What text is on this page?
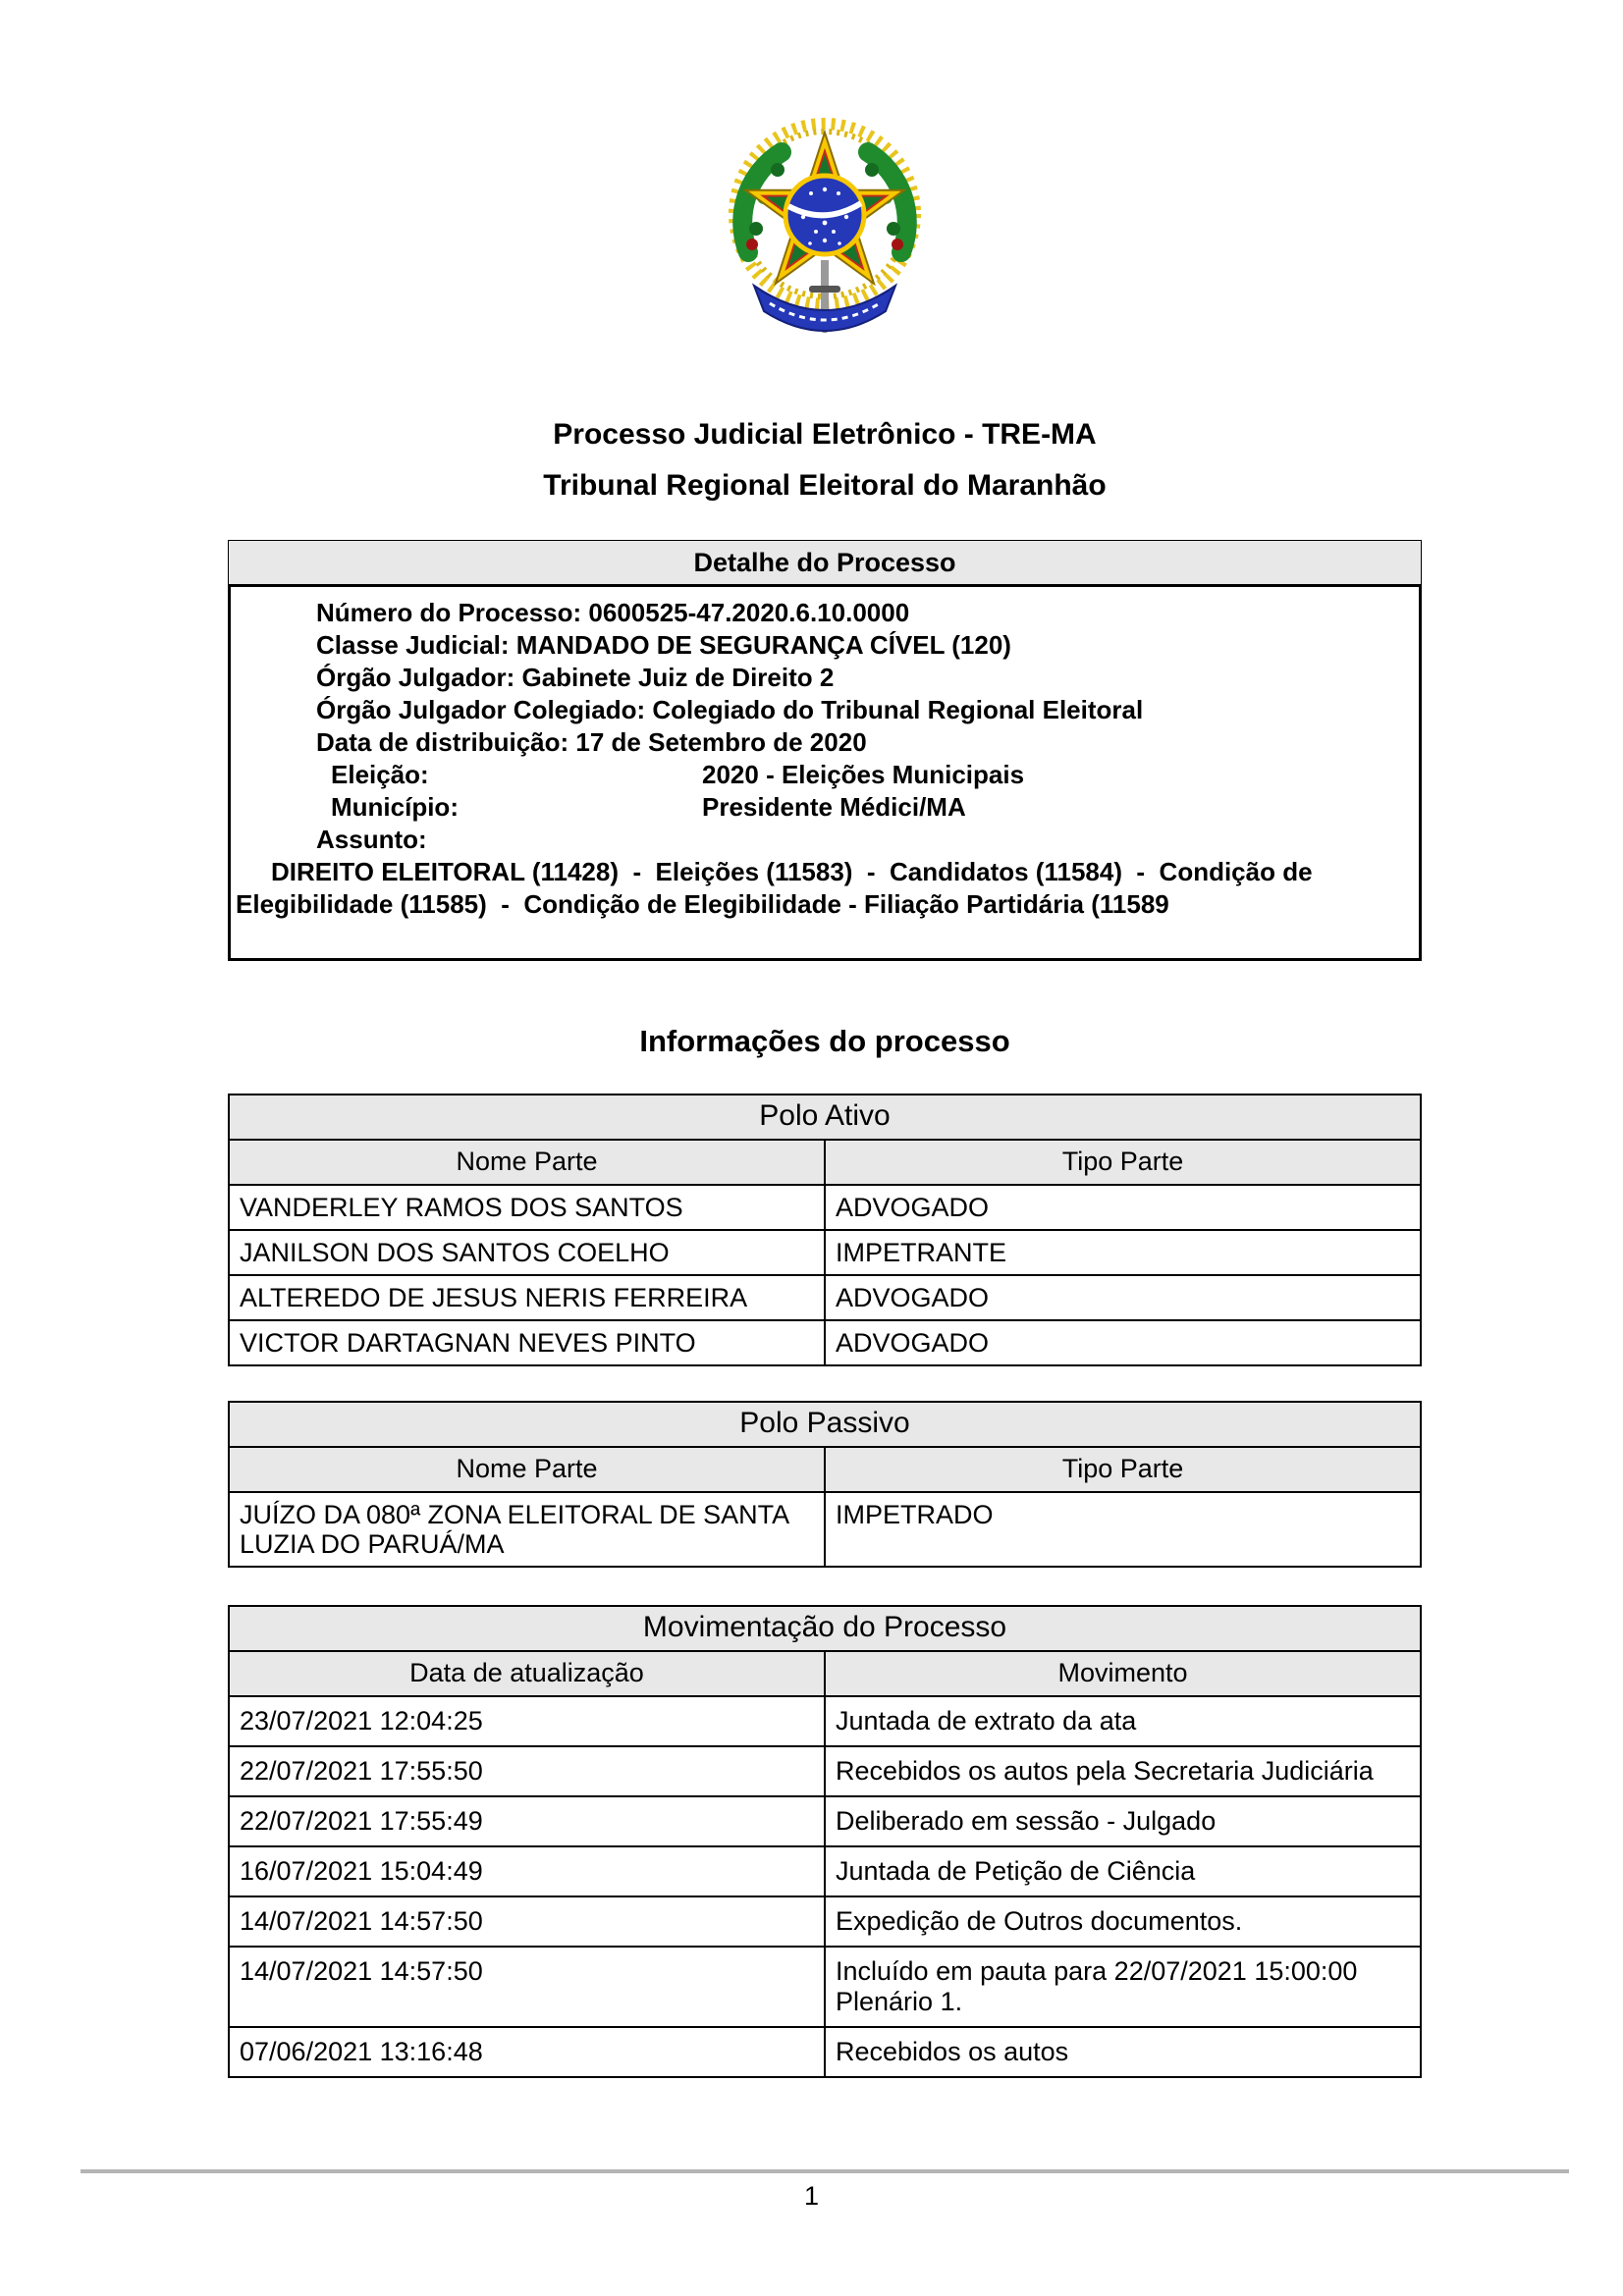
Processo Judicial Eletrônico - TRE-MA
Tribunal Regional Eleitoral do Maranhão
Detalhe do Processo
Número do Processo: 0600525-47.2020.6.10.0000
Classe Judicial: MANDADO DE SEGURANÇA CÍVEL (120)
Órgão Julgador: Gabinete Juiz de Direito 2
Órgão Julgador Colegiado: Colegiado do Tribunal Regional Eleitoral
Data de distribuição: 17 de Setembro de 2020
Eleição:	2020 - Eleições Municipais
Município:	Presidente Médici/MA
Assunto:
DIREITO ELEITORAL (11428)  -  Eleições (11583)  -  Candidatos (11584)  -  Condição de Elegibilidade (11585)  -  Condição de Elegibilidade - Filiação Partidária (11589
Informações do processo
Polo Ativo	
Nome Parte	Tipo Parte
VANDERLEY RAMOS DOS SANTOS	ADVOGADO
JANILSON DOS SANTOS COELHO	IMPETRANTE
ALTEREDO DE JESUS NERIS FERREIRA	ADVOGADO
VICTOR DARTAGNAN NEVES PINTO	ADVOGADO
Polo Passivo	
Nome Parte	Tipo Parte
JUÍZO DA 080ª ZONA ELEITORAL DE SANTA LUZIA DO PARUÁ/MA	IMPETRADO
Movimentação do Processo	
Data de atualização	Movimento
23/07/2021 12:04:25	Juntada de extrato da ata
22/07/2021 17:55:50	Recebidos os autos pela Secretaria Judiciária
22/07/2021 17:55:49	Deliberado em sessão - Julgado
16/07/2021 15:04:49	Juntada de Petição de Ciência
14/07/2021 14:57:50	Expedição de Outros documentos.
14/07/2021 14:57:50	Incluído em pauta para 22/07/2021 15:00:00 Plenário 1.
07/06/2021 13:16:48	Recebidos os autos
1
